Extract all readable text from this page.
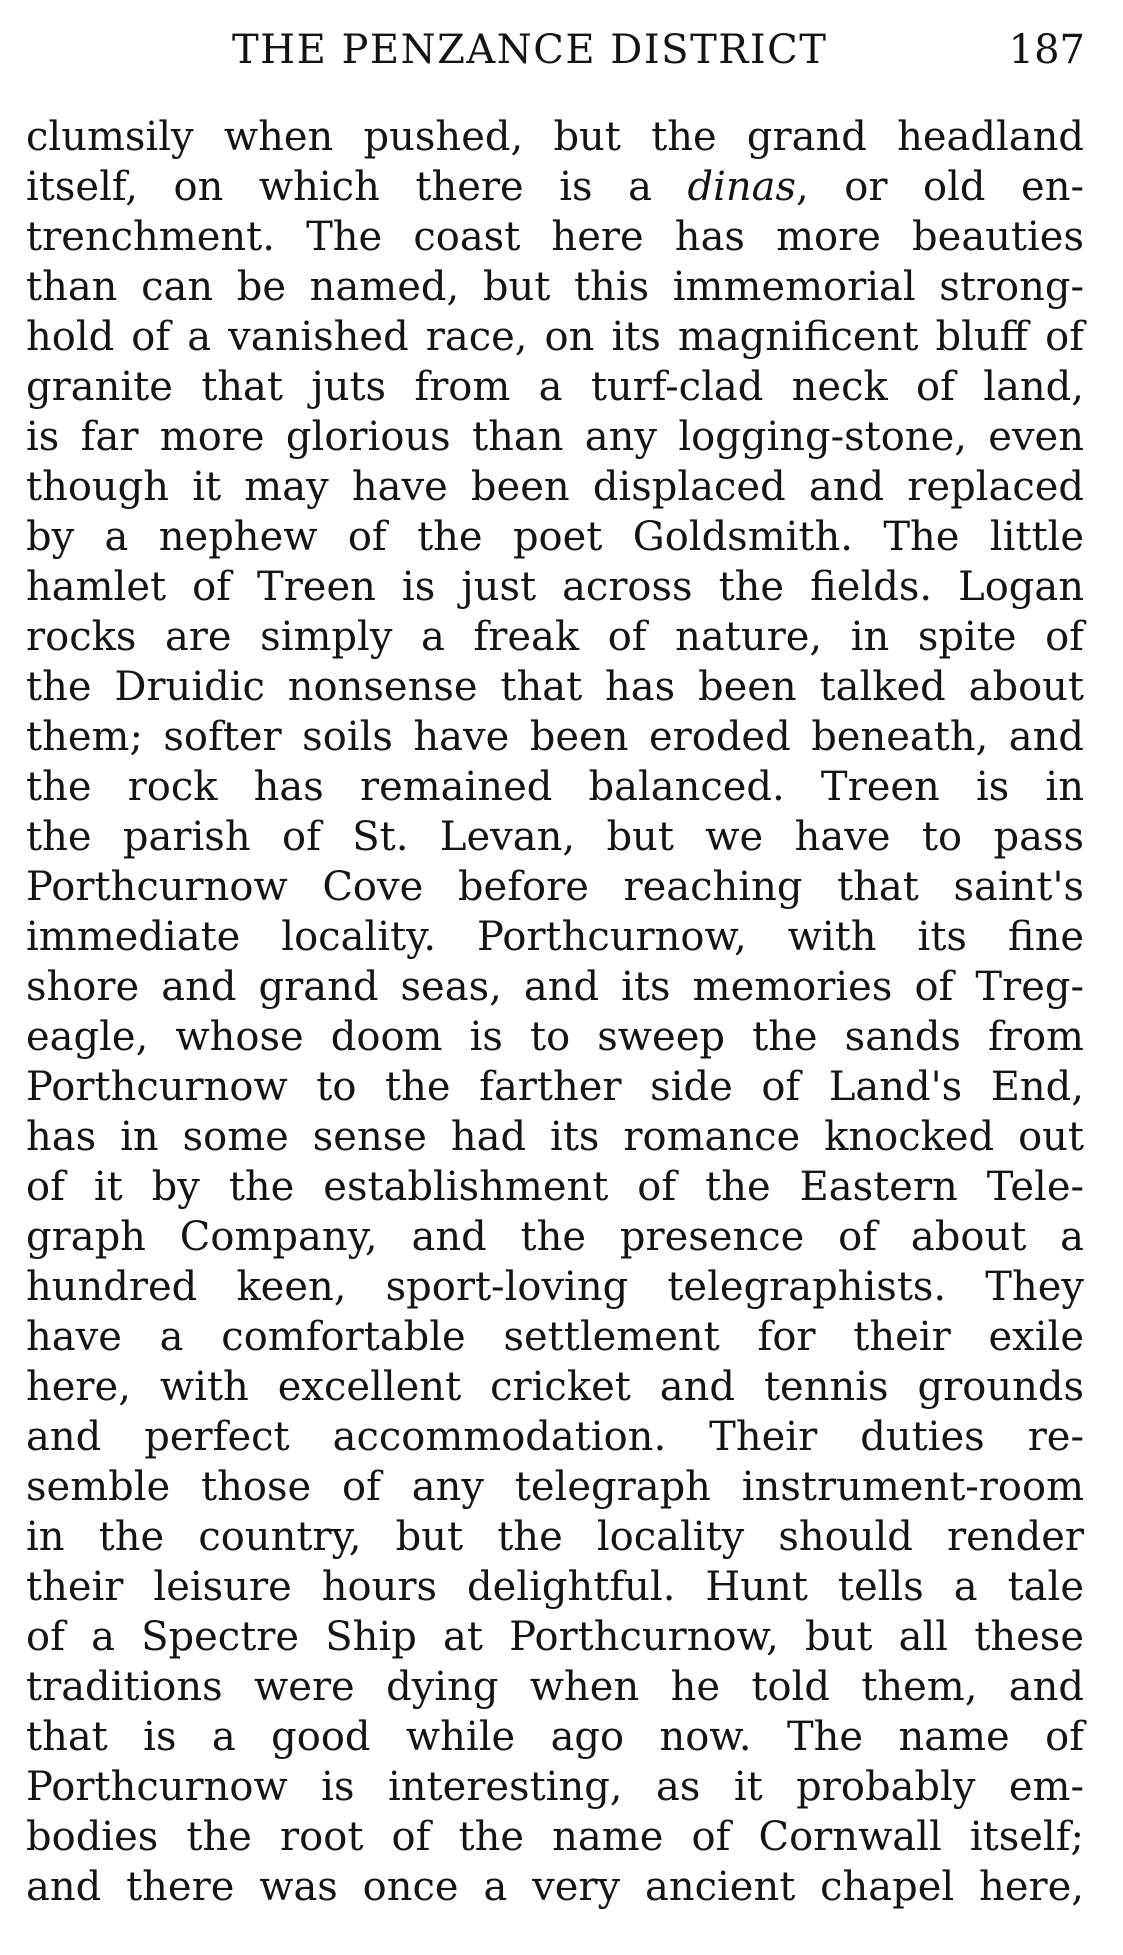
THE PENZANCE DISTRICT	187
clumsily when pushed, but the grand headland
itself, on which there is a dinas, or old en-
trenchment. The coast here has more beauties
than can be named, but this immemorial strong-
hold of a vanished race, on its magnificent bluff of
granite that juts from a turf-clad neck of land,
is far more glorious than any logging-stone, even
though it may have been displaced and replaced
by a nephew of the poet Goldsmith. The little
hamlet of Treen is just across the fields. Logan
rocks are simply a freak of nature, in spite of
the Druidic nonsense that has been talked about
them; softer soils have been eroded beneath, and
the rock has remained balanced. Treen is in
the parish of St. Levan, but we have to pass
Porthcurnow Cove before reaching that saint's
immediate locality. Porthcurnow, with its fine
shore and grand seas, and its memories of Treg-
eagle, whose doom is to sweep the sands from
Porthcurnow to the farther side of Land's End,
has in some sense had its romance knocked out
of it by the establishment of the Eastern Tele-
graph Company, and the presence of about a
hundred keen, sport-loving telegraphists. They
have a comfortable settlement for their exile
here, with excellent cricket and tennis grounds
and perfect accommodation. Their duties re-
semble those of any telegraph instrument-room
in the country, but the locality should render
their leisure hours delightful. Hunt tells a tale
of a Spectre Ship at Porthcurnow, but all these
traditions were dying when he told them, and
that is a good while ago now. The name of
Porthcurnow is interesting, as it probably em-
bodies the root of the name of Cornwall itself;
and there was once a very ancient chapel here,
